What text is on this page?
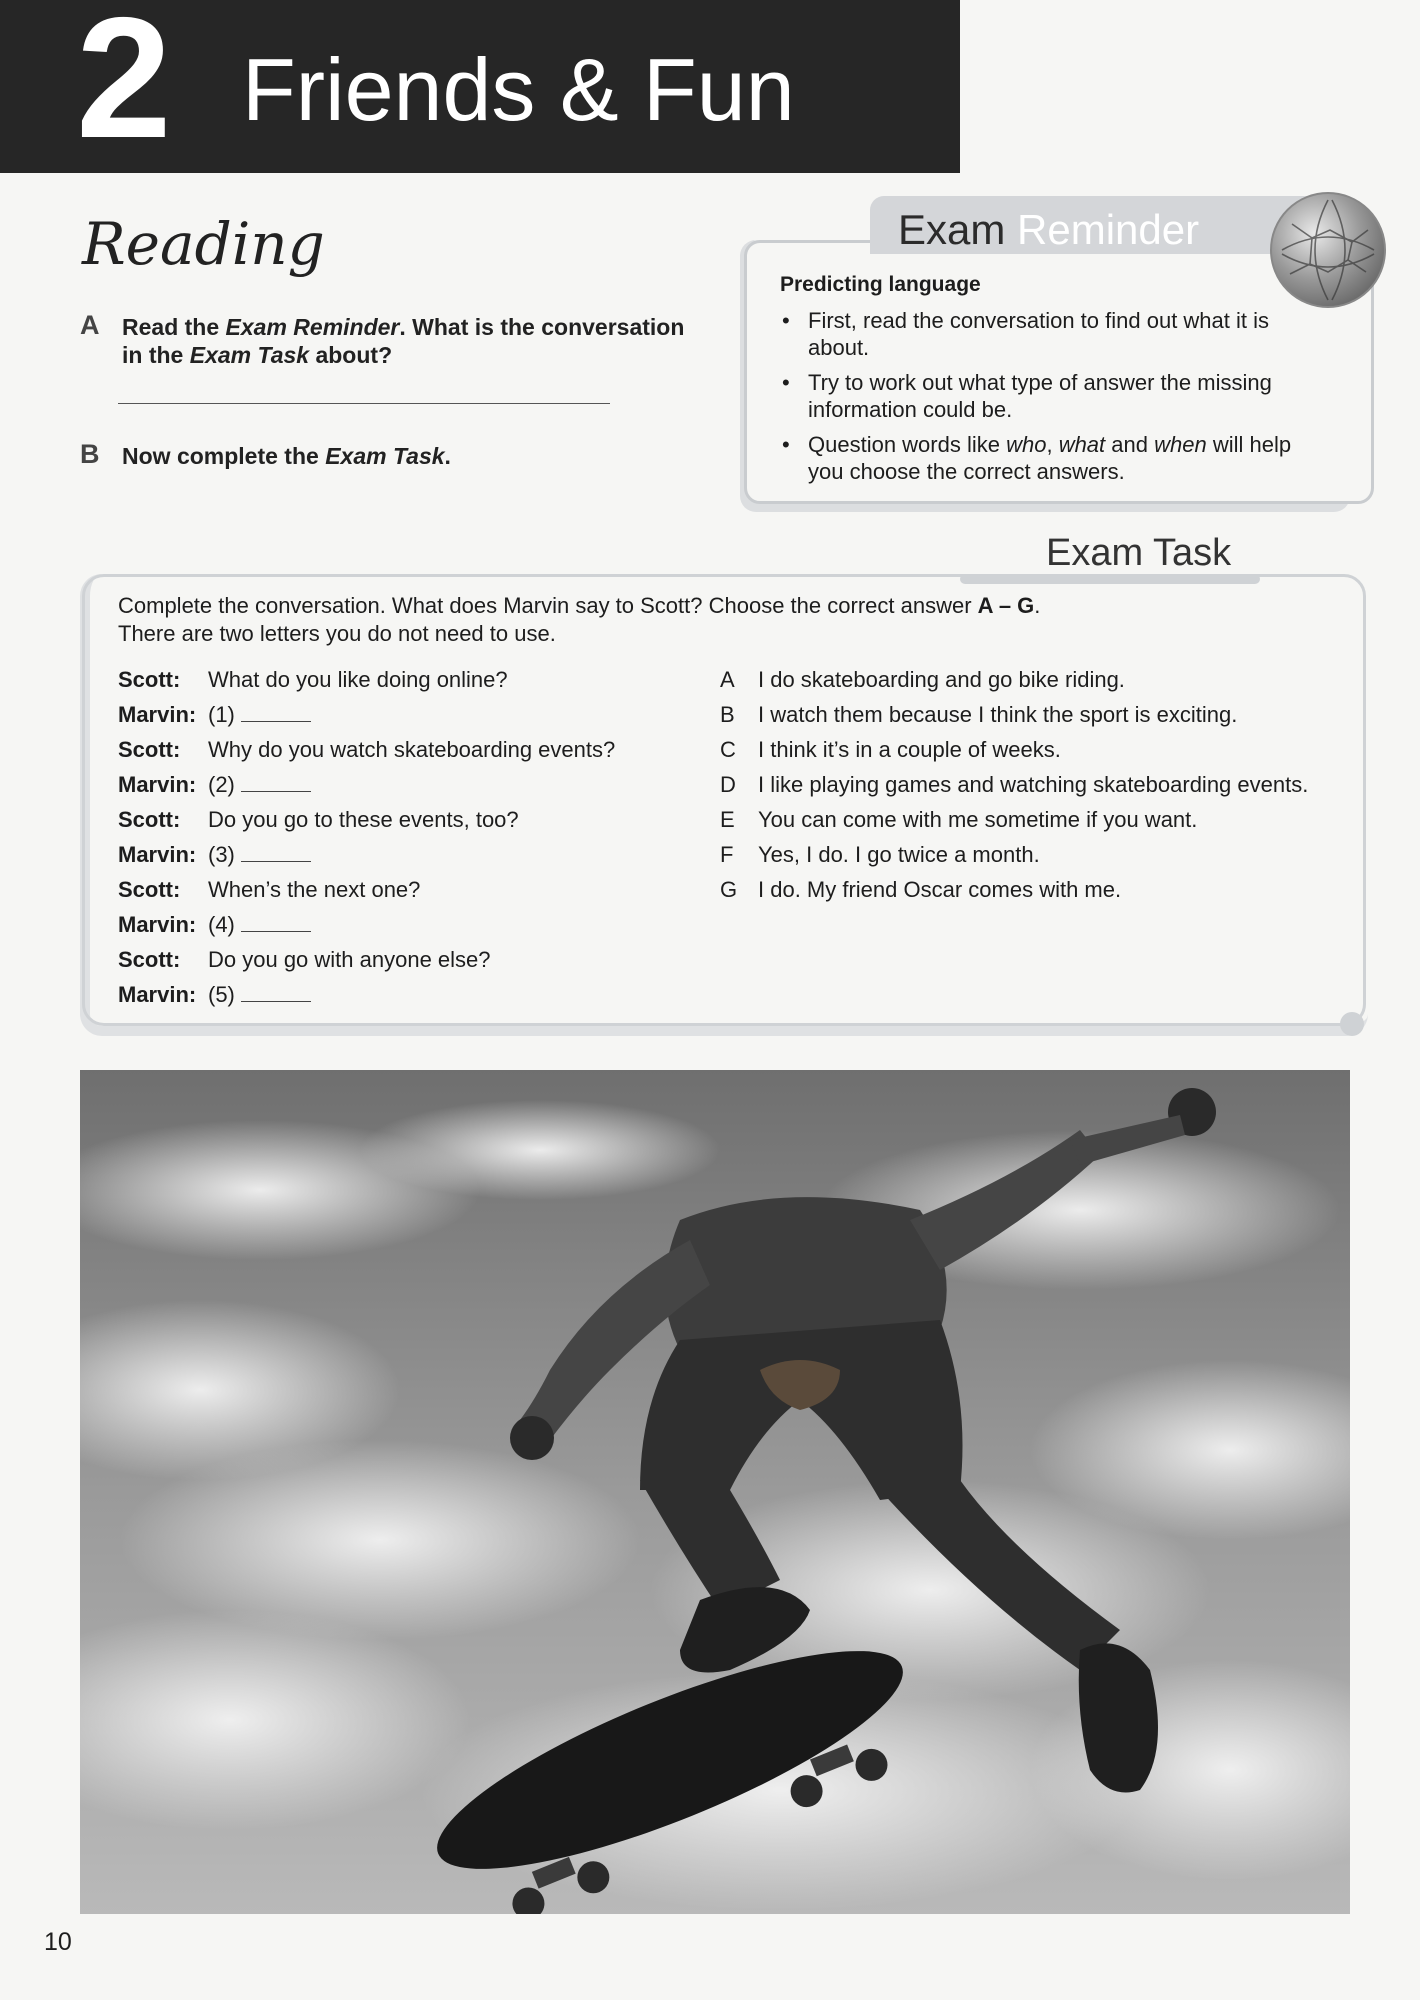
2 Friends & Fun
Reading
A Read the Exam Reminder. What is the conversation
in the Exam Task about?
B Now complete the Exam Task.
Exam Reminder
Predicting language
• First, read the conversation to find out what it is
about.
• Try to work out what type of answer the missing
information could be.
• Question words like who, what and when will help
you choose the correct answers.
Exam Task
Complete the conversation. What does Marvin say to Scott? Choose the correct answer A – G.
There are two letters you do not need to use.
Scott: What do you like doing online?
Marvin: (1)
Scott: Why do you watch skateboarding events?
Marvin: (2)
Scott: Do you go to these events, too?
Marvin: (3)
Scott: When’s the next one?
Marvin: (4)
Scott: Do you go with anyone else?
Marvin: (5)
A	I do skateboarding and go bike riding.
B	I watch them because I think the sport is exciting.
C	I think it’s in a couple of weeks.
D	I like playing games and watching skateboarding events.
E	You can come with me sometime if you want.
F	Yes, I do. I go twice a month.
G I do. My friend Oscar comes with me.
10
